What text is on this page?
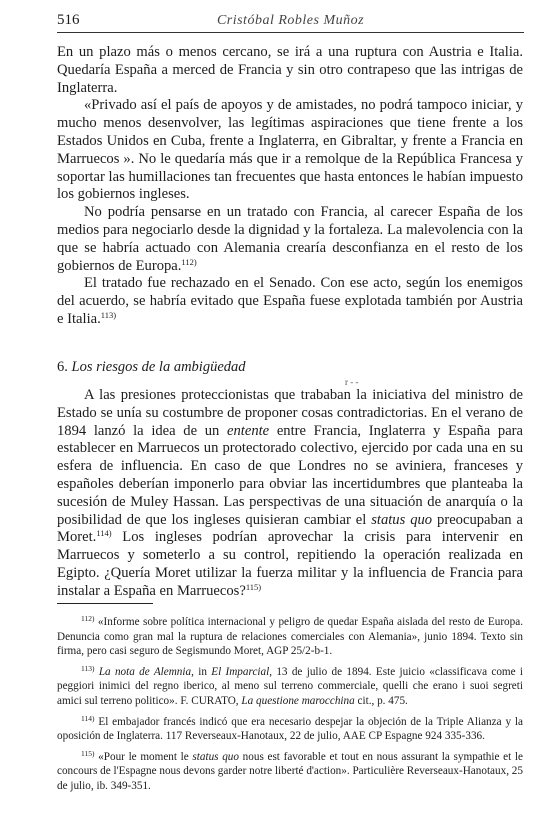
516	Cristóbal Robles Muñoz

En un plazo más o menos cercano, se irá a una ruptura con Austria e Italia. Quedaría España a merced de Francia y sin otro contrapeso que las intrigas de Inglaterra.

«Privado así el país de apoyos y de amistades, no podrá tampoco iniciar, y mucho menos desenvolver, las legítimas aspiraciones que tiene frente a los Estados Unidos en Cuba, frente a Inglaterra, en Gibraltar, y frente a Francia en Marruecos ». No le quedaría más que ir a remolque de la República Francesa y soportar las humillaciones tan frecuentes que hasta entonces le habían impuesto los gobiernos ingleses.

No podría pensarse en un tratado con Francia, al carecer España de los medios para negociarlo desde la dignidad y la fortaleza. La malevolencia con la que se habría actuado con Alemania crearía desconfianza en el resto de los gobiernos de Europa.$^{112)}$

El tratado fue rechazado en el Senado. Con ese acto, según los enemigos del acuerdo, se habría evitado que España fuese explotada también por Austria e Italia.$^{113)}$

6. Los riesgos de la ambigüedad
r - -

A las presiones proteccionistas que trababan la iniciativa del ministro de Estado se unía su costumbre de proponer cosas contradictorias. En el verano de 1894 lanzó la idea de un entente entre Francia, Inglaterra y España para establecer en Marruecos un protectorado colectivo, ejercido por cada una en su esfera de influencia. En caso de que Londres no se aviniera, franceses y españoles deberían imponerlo para obviar las incertidumbres que planteaba la sucesión de Muley Hassan. Las perspectivas de una situación de anarquía o la posibilidad de que los ingleses quisieran cambiar el status quo preocupaban a Moret.$^{114)}$ Los ingleses podrían aprovechar la crisis para intervenir en Marruecos y someterlo a su control, repitiendo la operación realizada en Egipto. ¿Quería Moret utilizar la fuerza militar y la influencia de Francia para instalar a España en Marruecos?$^{115)}$

$^{112)}$ «Informe sobre política internacional y peligro de quedar España aislada del resto de Europa. Denuncia como gran mal la ruptura de relaciones comerciales con Alemania», junio 1894. Texto sin firma, pero casi seguro de Segismundo Moret, AGP 25/2-b-1.

$^{113)}$ La nota de Alemnia, in El Imparcial, 13 de julio de 1894. Este juicio «classificava come i peggiori inimici del regno iberico, al meno sul terreno commerciale, quelli che erano i suoi segreti amici sul terreno politico». F. CURATO, La questione marocchina cit., p. 475.

$^{114)}$ El embajador francés indicó que era necesario despejar la objeción de la Triple Alianza y la oposición de Inglaterra. 117 Reverseaux-Hanotaux, 22 de julio, AAE CP Espagne 924 335-336.

$^{115)}$ «Pour le moment le status quo nous est favorable et tout en nous assurant la sympathie et le concours de l'Espagne nous devons garder notre liberté d'action». Particulière Reverseaux-Hanotaux, 25 de julio, ib. 349-351.
